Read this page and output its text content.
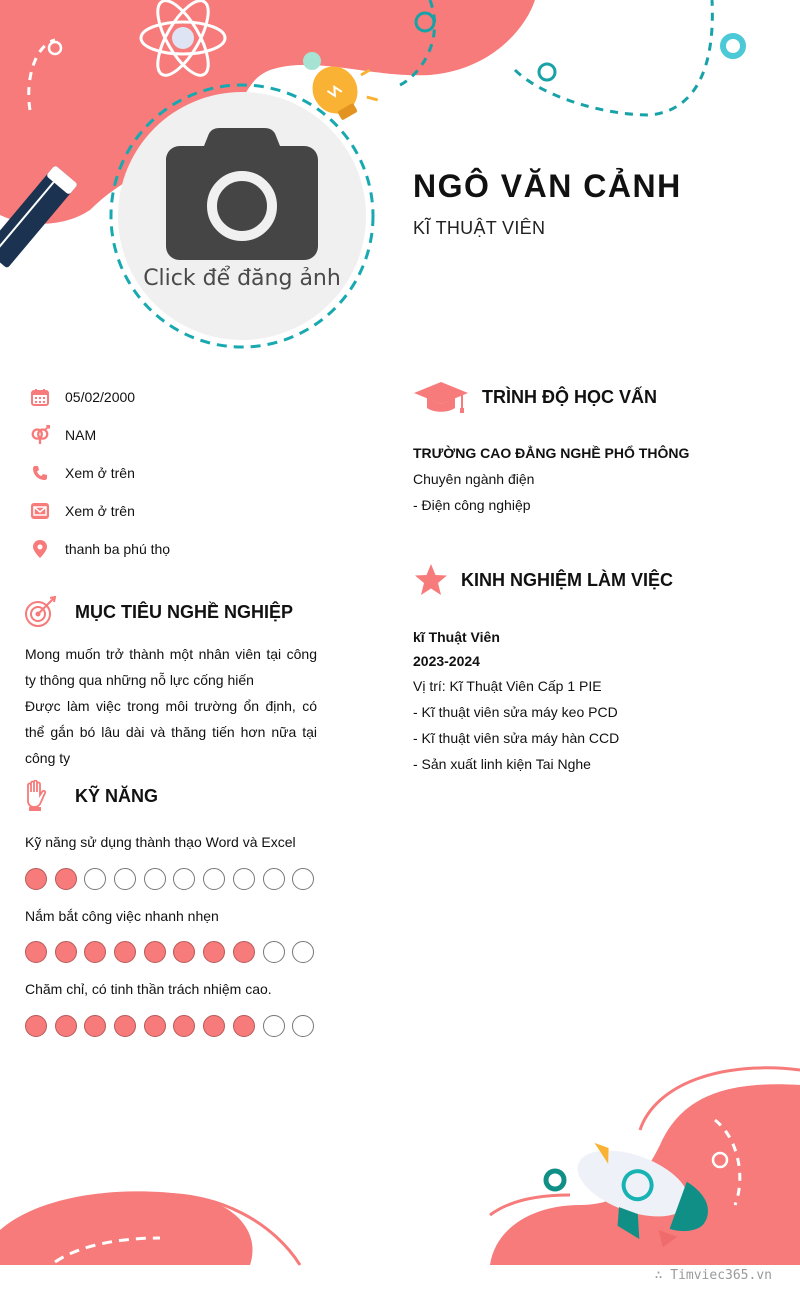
Click để đăng ảnh
NGÔ VĂN CẢNH
KĨ THUẬT VIÊN
05/02/2000
NAM
Xem ở trên
Xem ở trên
thanh ba phú thọ
MỤC TIÊU NGHỀ NGHIỆP
Mong muốn trở thành một nhân viên tại công ty thông qua những nỗ lực cống hiến
Được làm việc trong môi trường ổn định, có thể gắn bó lâu dài và thăng tiến hơn nữa tại công ty
KỸ NĂNG
Kỹ năng sử dụng thành thạo Word và Excel
Nắm bắt công việc nhanh nhẹn
Chăm chỉ, có tinh thần trách nhiệm cao.
TRÌNH ĐỘ HỌC VẤN
TRƯỜNG CAO ĐẲNG NGHỀ PHỔ THÔNG
Chuyên ngành điện
- Điện công nghiệp
KINH NGHIỆM LÀM VIỆC
kĩ Thuật Viên
2023-2024
Vị trí: Kĩ Thuật Viên Cấp 1 PIE
- Kĩ thuật viên sửa máy keo PCD
- Kĩ thuật viên sửa máy hàn CCD
- Sản xuất linh kiện Tai Nghe
∴ Timviec365.vn
